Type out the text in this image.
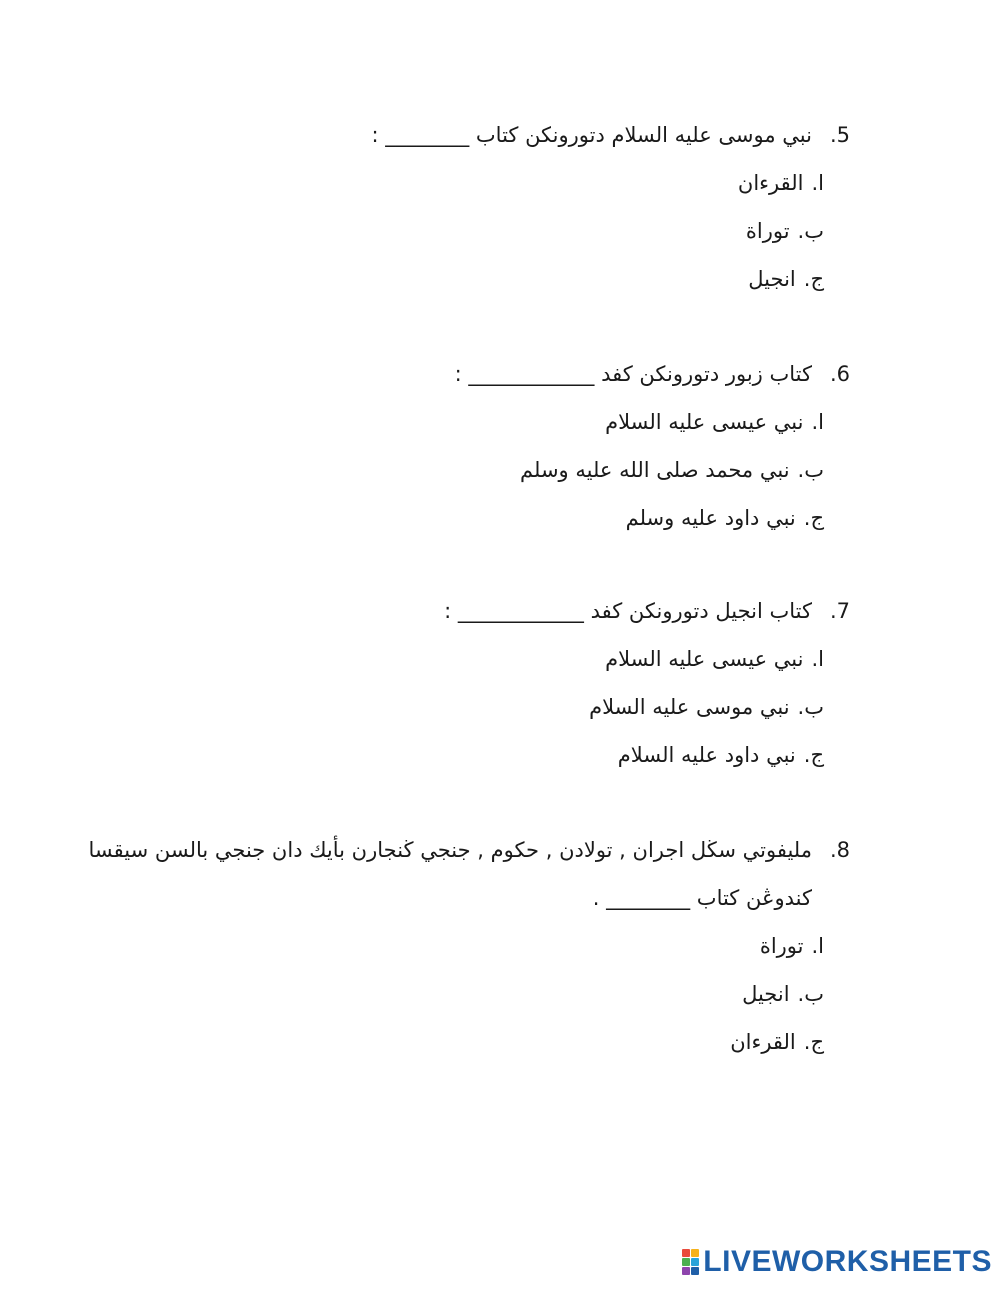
5.نبي موسى عليه السلام دتورونكن كتاب ________ :
ا.القرءان
ب.توراة
ج.انجيل
6.كتاب زبور دتورونكن كفد ____________ :
ا.نبي عيسى عليه السلام
ب.نبي محمد صلى الله عليه وسلم
ج.نبي داود عليه وسلم
7.كتاب انجيل دتورونكن كفد ____________ :
ا.نبي عيسى عليه السلام
ب.نبي موسى عليه السلام
ج.نبي داود عليه السلام
8.مليفوتي سڬل اجران , تولادن , حكوم , جنجي ڬنجارن بأيك دان جنجي بالسن سيقسا
كندوڠن كتاب ________ .
ا.توراة
ب.انجيل
ج.القرءان
LIVEWORKSHEETS
